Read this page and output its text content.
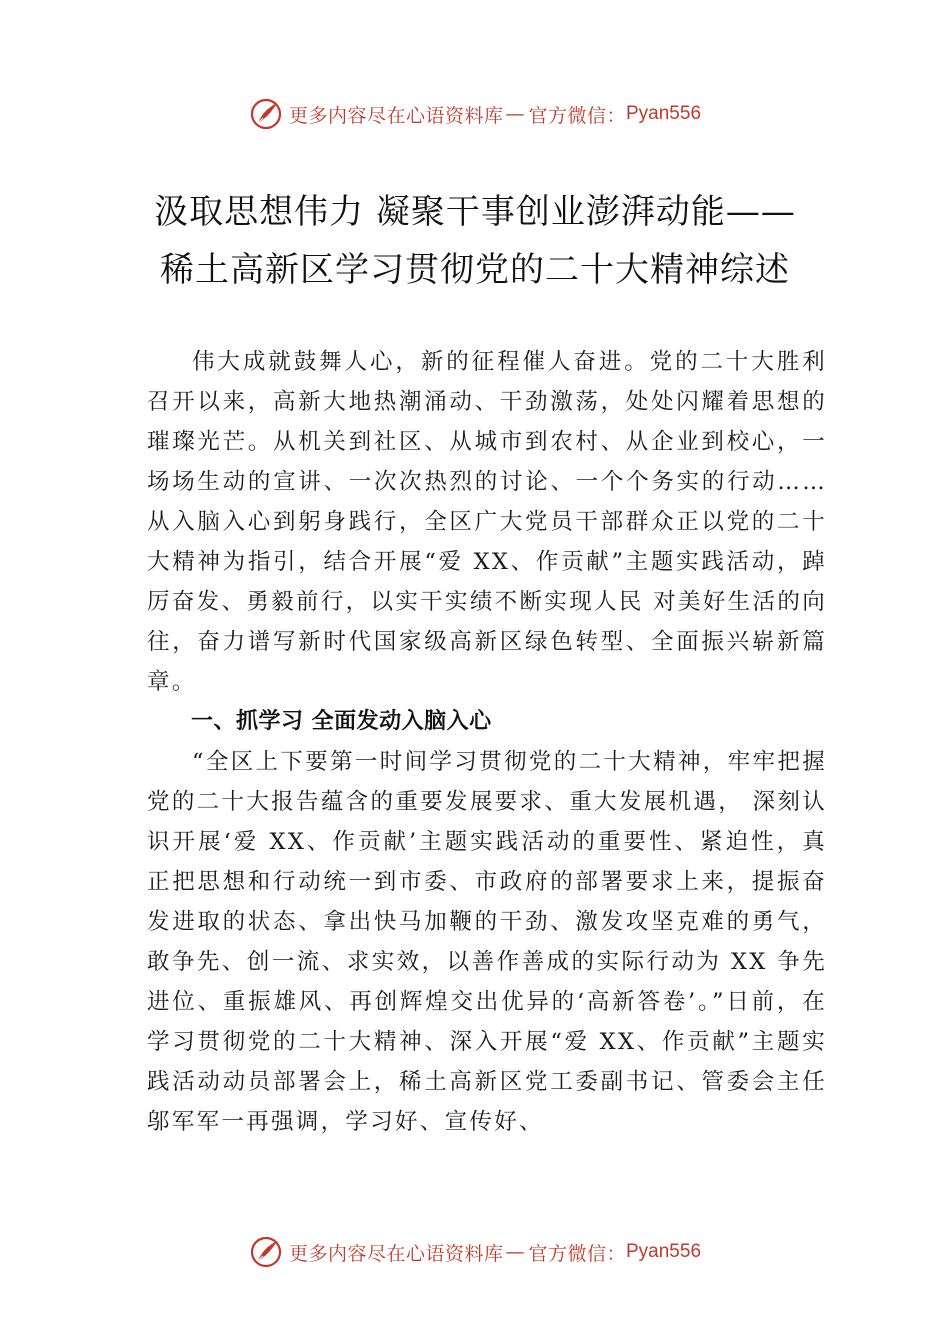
更多内容尽在心语资料库 — 官方微信： Pyan556
汲取思想伟力 凝聚干事创业澎湃动能——
稀土高新区学习贯彻党的二十大精神综述

伟大成就鼓舞人心，新的征程催人奋进。党的二十大胜利召开以来，高新大地热潮涌动、干劲激荡，处处闪耀着思想的璀璨光芒。从机关到社区、从城市到农村、从企业到校心，一场场生动的宣讲、一次次热烈的讨论、一个个务实的行动……从入脑入心到躬身践行，全区广大党员干部群众正以党的二十大精神为指引，结合开展“爱 XX、作贡献”主题实践活动，踔厉奋发、勇毅前行，以实干实绩不断实现人民 对美好生活的向往，奋力谱写新时代国家级高新区绿色转型、全面振兴崭新篇章。

一、抓学习 全面发动入脑入心

“全区上下要第一时间学习贯彻党的二十大精神，牢牢把握党的二十大报告蕴含的重要发展要求、重大发展机遇， 深刻认识开展‘爱 XX、作贡献’主题实践活动的重要性、紧迫性，真正把思想和行动统一到市委、市政府的部署要求上来，提振奋发进取的状态、拿出快马加鞭的干劲、激发攻坚克难的勇气，敢争先、创一流、求实效，以善作善成的实际行动为 XX 争先进位、重振雄风、再创辉煌交出优异的‘高新答卷’。”日前，在学习贯彻党的二十大精神、深入开展“爱 XX、作贡献”主题实践活动动员部署会上，稀土高新区党工委副书记、管委会主任邬军军一再强调，学习好、宣传好、

更多内容尽在心语资料库 — 官方微信： Pyan556
